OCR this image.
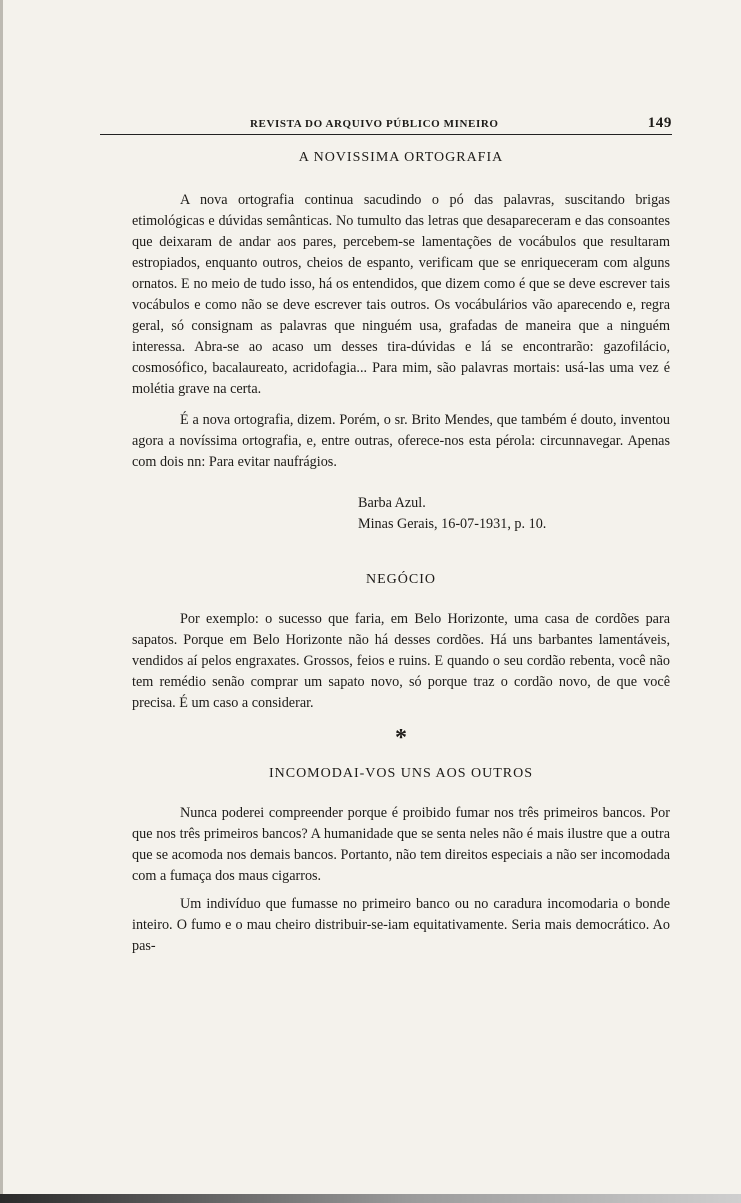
REVISTA DO ARQUIVO PÚBLICO MINEIRO	149
A NOVISSIMA ORTOGRAFIA

A nova ortografia continua sacudindo o pó das palavras, suscitando brigas etimológicas e dúvidas semânticas. No tumulto das letras que desapareceram e das consoantes que deixaram de andar aos pares, percebem-se lamentações de vocábulos que resultaram estropiados, enquanto outros, cheios de espanto, verificam que se enriqueceram com alguns ornatos. E no meio de tudo isso, há os entendidos, que dizem como é que se deve escrever tais vocábulos e como não se deve escrever tais outros. Os vocábulários vão aparecendo e, regra geral, só consignam as palavras que ninguém usa, grafadas de maneira que a ninguém interessa. Abra-se ao acaso um desses tira-dúvidas e lá se encontrarão: gazofilácio, cosmosófico, bacalaureato, acridofagia... Para mim, são palavras mortais: usá-las uma vez é molétia grave na certa.

É a nova ortografia, dizem. Porém, o sr. Brito Mendes, que também é douto, inventou agora a novíssima ortografia, e, entre outras, oferece-nos esta pérola: circunnavegar. Apenas com dois nn: Para evitar naufrágios.

Barba Azul.

Minas Gerais, 16-07-1931, p. 10.

NEGÓCIO

Por exemplo: o sucesso que faria, em Belo Horizonte, uma casa de cordões para sapatos. Porque em Belo Horizonte não há desses cordões. Há uns barbantes lamentáveis, vendidos aí pelos engraxates. Grossos, feios e ruins. E quando o seu cordão rebenta, você não tem remédio senão comprar um sapato novo, só porque traz o cordão novo, de que você precisa. É um caso a considerar.

*
INCOMODAI-VOS UNS AOS OUTROS

Nunca poderei compreender porque é proibido fumar nos três primeiros bancos. Por que nos três primeiros bancos? A humanidade que se senta neles não é mais ilustre que a outra que se acomoda nos demais bancos. Portanto, não tem direitos especiais a não ser incomodada com a fumaça dos maus cigarros.

Um indivíduo que fumasse no primeiro banco ou no caradura incomodaria o bonde inteiro. O fumo e o mau cheiro distribuir-se-iam equitativamente. Seria mais democrático. Ao pas-
